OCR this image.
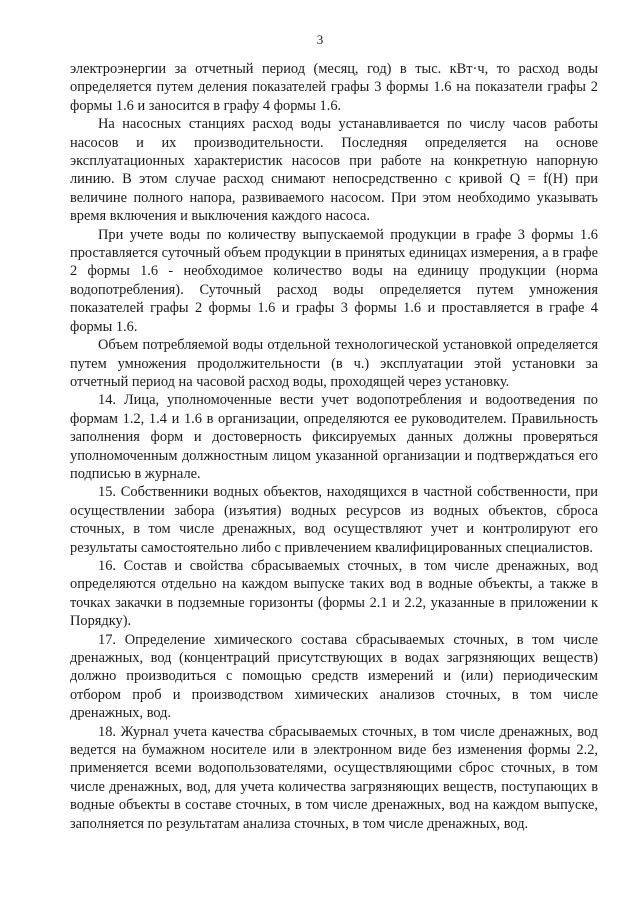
3

электроэнергии за отчетный период (месяц, год) в тыс. кВт·ч, то расход воды определяется путем деления показателей графы 3 формы 1.6 на показатели графы 2 формы 1.6 и заносится в графу 4 формы 1.6.

На насосных станциях расход воды устанавливается по числу часов работы насосов и их производительности. Последняя определяется на основе эксплуатационных характеристик насосов при работе на конкретную напорную линию. В этом случае расход снимают непосредственно с кривой Q = f(H) при величине полного напора, развиваемого насосом. При этом необходимо указывать время включения и выключения каждого насоса.

При учете воды по количеству выпускаемой продукции в графе 3 формы 1.6 проставляется суточный объем продукции в принятых единицах измерения, а в графе 2 формы 1.6 - необходимое количество воды на единицу продукции (норма водопотребления). Суточный расход воды определяется путем умножения показателей графы 2 формы 1.6 и графы 3 формы 1.6 и проставляется в графе 4 формы 1.6.

Объем потребляемой воды отдельной технологической установкой определяется путем умножения продолжительности (в ч.) эксплуатации этой установки за отчетный период на часовой расход воды, проходящей через установку.

14. Лица, уполномоченные вести учет водопотребления и водоотведения по формам 1.2, 1.4 и 1.6 в организации, определяются ее руководителем. Правильность заполнения форм и достоверность фиксируемых данных должны проверяться уполномоченным должностным лицом указанной организации и подтверждаться его подписью в журнале.

15. Собственники водных объектов, находящихся в частной собственности, при осуществлении забора (изъятия) водных ресурсов из водных объектов, сброса сточных, в том числе дренажных, вод осуществляют учет и контролируют его результаты самостоятельно либо с привлечением квалифицированных специалистов.

16. Состав и свойства сбрасываемых сточных, в том числе дренажных, вод определяются отдельно на каждом выпуске таких вод в водные объекты, а также в точках закачки в подземные горизонты (формы 2.1 и 2.2, указанные в приложении к Порядку).

17. Определение химического состава сбрасываемых сточных, в том числе дренажных, вод (концентраций присутствующих в водах загрязняющих веществ) должно производиться с помощью средств измерений и (или) периодическим отбором проб и производством химических анализов сточных, в том числе дренажных, вод.

18. Журнал учета качества сбрасываемых сточных, в том числе дренажных, вод ведется на бумажном носителе или в электронном виде без изменения формы 2.2, применяется всеми водопользователями, осуществляющими сброс сточных, в том числе дренажных, вод, для учета количества загрязняющих веществ, поступающих в водные объекты в составе сточных, в том числе дренажных, вод на каждом выпуске, заполняется по результатам анализа сточных, в том числе дренажных, вод.
